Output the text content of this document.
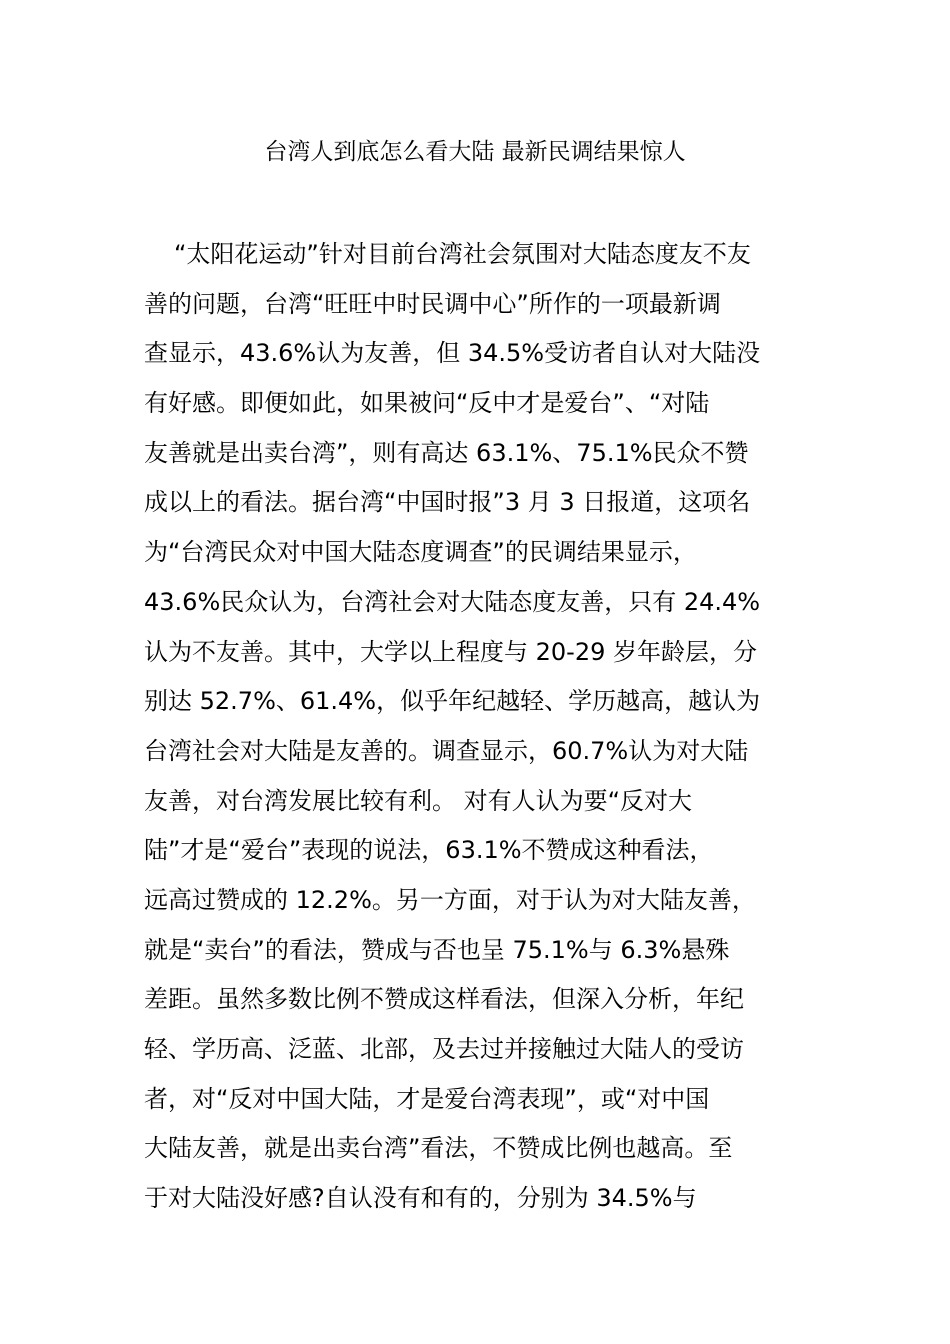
台湾人到底怎么看大陆 最新民调结果惊人
“太阳花运动”针对目前台湾社会氛围对大陆态度友不友
善的问题，台湾“旺旺中时民调中心”所作的一项最新调
查显示，43.6%认为友善，但 34.5%受访者自认对大陆没
有好感。即便如此，如果被问“反中才是爱台”、“对陆
友善就是出卖台湾”，则有高达 63.1%、75.1%民众不赞
成以上的看法。据台湾“中国时报”3 月 3 日报道，这项名
为“台湾民众对中国大陆态度调查”的民调结果显示，
43.6%民众认为，台湾社会对大陆态度友善，只有 24.4%
认为不友善。其中，大学以上程度与 20-29 岁年龄层，分
别达 52.7%、61.4%，似乎年纪越轻、学历越高，越认为
台湾社会对大陆是友善的。调查显示，60.7%认为对大陆
友善，对台湾发展比较有利。 对有人认为要“反对大
陆”才是“爱台”表现的说法，63.1%不赞成这种看法，
远高过赞成的 12.2%。另一方面，对于认为对大陆友善，
就是“卖台”的看法，赞成与否也呈 75.1%与 6.3%悬殊
差距。虽然多数比例不赞成这样看法，但深入分析，年纪
轻、学历高、泛蓝、北部，及去过并接触过大陆人的受访
者，对“反对中国大陆，才是爱台湾表现”，或“对中国
大陆友善，就是出卖台湾”看法，不赞成比例也越高。至
于对大陆没好感?自认没有和有的，分别为 34.5%与
